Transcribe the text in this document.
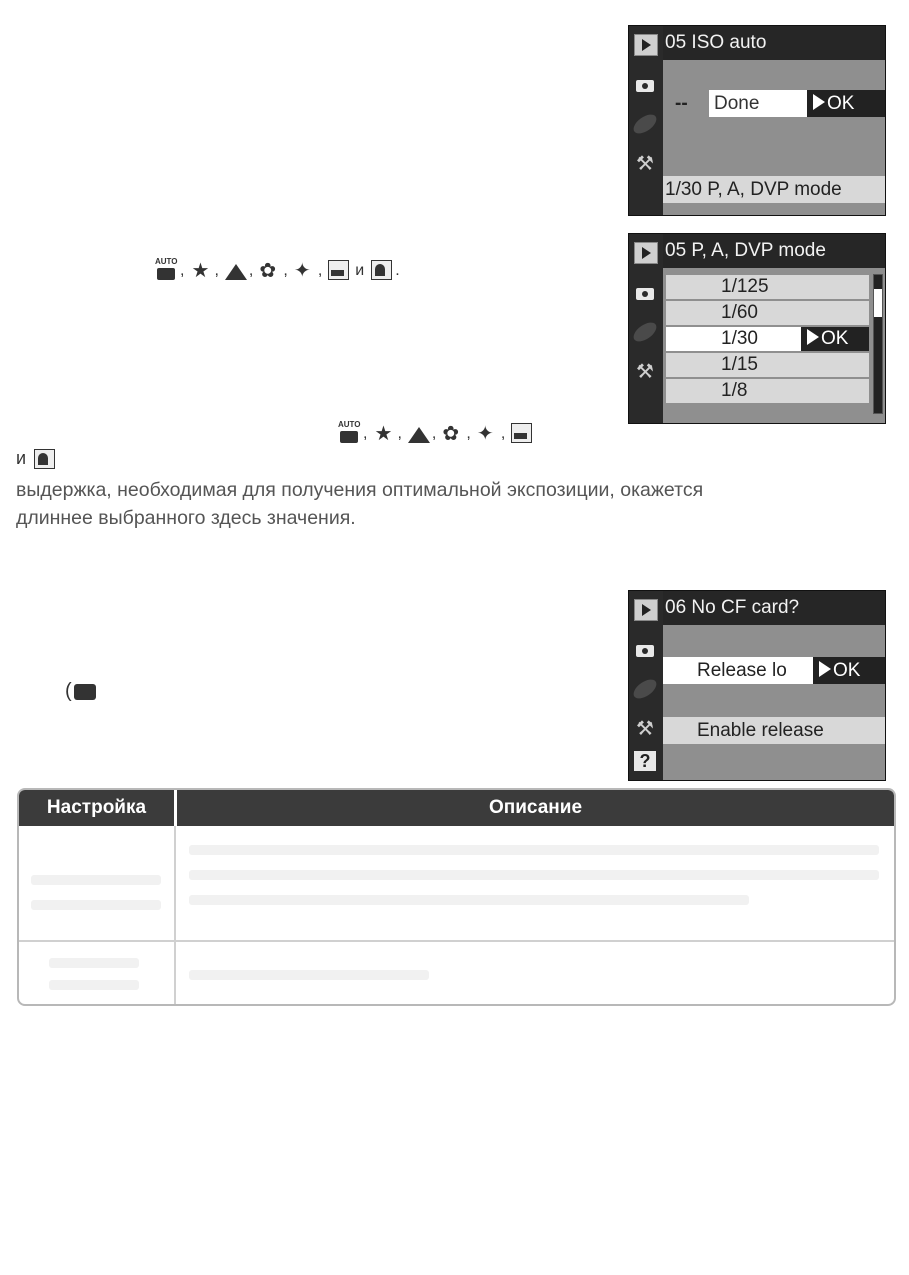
⚒
05 ISO auto
-- Done	OK
1/30 P, A, DVP mode
⚒
05 P, A, DVP mode
1/125
1/60
1/30	OK
1/15
1/8
⚒
?
06 No CF card?
Release lo	OK
Enable release
AUTO
, ★ , , ✿ , ✦ , и .
AUTO
, ★ , , ✿ , ✦ ,
и
выдержка, необходимая для получения оптимальной экспозиции, окажется
длиннее выбранного здесь значения.
(
Настройка	Описание
